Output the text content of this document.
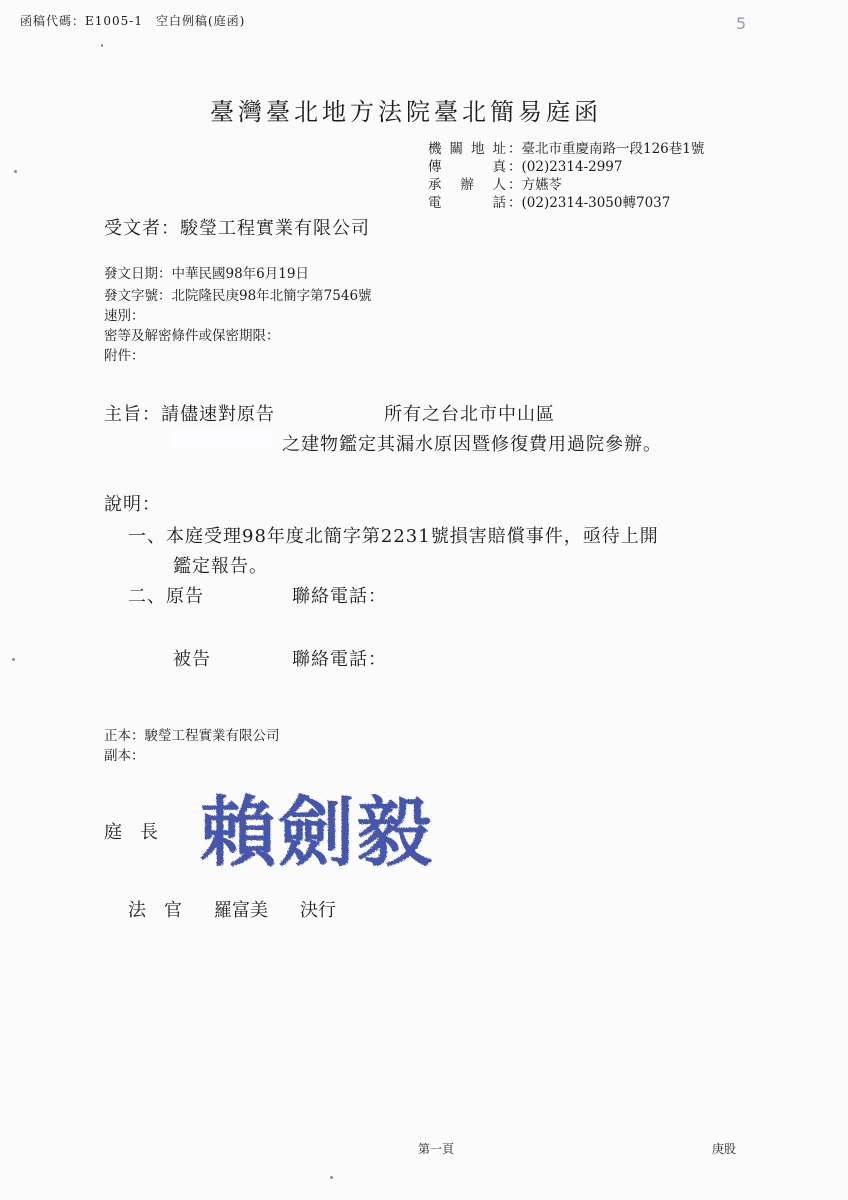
函稿代碼：E1005-1　空白例稿(庭函)	5
臺灣臺北地方法院臺北簡易庭函
機關地址 ：臺北市重慶南路一段126巷1號
傳　　真 ：(02)2314-2997
承 辦 人 ：方嬿苓
電　　話 ：(02)2314-3050轉7037
受文者：駿瑩工程實業有限公司
發文日期：中華民國98年6月19日
發文字號：北院隆民庚98年北簡字第7546號
速別：
密等及解密條件或保密期限：
附件：
主旨：請儘速對原告	所有之台北市中山區
之建物鑑定其漏水原因暨修復費用過院參辦。
說明：
一、本庭受理98年度北簡字第2231號損害賠償事件，亟待上開
鑑定報告。
二、原告	聯絡電話：
被告	聯絡電話：
正本：駿瑩工程實業有限公司
副本：
庭　長 賴劍毅
法　官 羅富美 決行
第一頁	庚股
